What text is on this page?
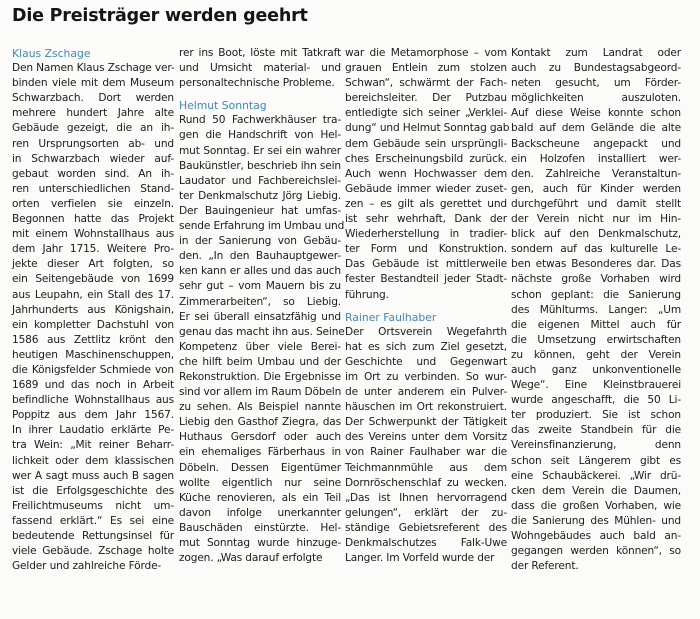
Die Preisträger werden geehrt
Klaus Zschage
Den Namen Klaus Zschage ver-
binden viele mit dem Museum
Schwarzbach. Dort werden
mehrere hundert Jahre alte
Gebäude gezeigt, die an ih-
ren Ursprungsorten ab- und
in Schwarzbach wieder auf-
gebaut worden sind. An ih-
ren unterschiedlichen Stand-
orten verfielen sie einzeln.
Begonnen hatte das Projekt
mit einem Wohnstallhaus aus
dem Jahr 1715. Weitere Pro-
jekte dieser Art folgten, so
ein Seitengebäude von 1699
aus Leupahn, ein Stall des 17.
Jahrhunderts aus Königshain,
ein kompletter Dachstuhl von
1586 aus Zettlitz krönt den
heutigen Maschinenschuppen,
die Königsfelder Schmiede von
1689 und das noch in Arbeit
befindliche Wohnstallhaus aus
Poppitz aus dem Jahr 1567.
In ihrer Laudatio erklärte Pe-
tra Wein: „Mit reiner Beharr-
lichkeit oder dem klassischen
wer A sagt muss auch B sagen
ist die Erfolgsgeschichte des
Freilichtmuseums nicht um-
fassend erklärt.“ Es sei eine
bedeutende Rettungsinsel für
viele Gebäude. Zschage holte
Gelder und zahlreiche Förde-
rer ins Boot, löste mit Tatkraft
und Umsicht material- und
personaltechnische Probleme.
Helmut Sonntag
Rund 50 Fachwerkhäuser tra-
gen die Handschrift von Hel-
mut Sonntag. Er sei ein wahrer
Baukünstler, beschrieb ihn sein
Laudator und Fachbereichslei-
ter Denkmalschutz Jörg Liebig.
Der Bauingenieur hat umfas-
sende Erfahrung im Umbau und
in der Sanierung von Gebäu-
den. „In den Bauhauptgewer-
ken kann er alles und das auch
sehr gut – vom Mauern bis zu
Zimmerarbeiten“, so Liebig.
Er sei überall einsatzfähig und
genau das macht ihn aus. Seine
Kompetenz über viele Berei-
che hilft beim Umbau und der
Rekonstruktion. Die Ergebnisse
sind vor allem im Raum Döbeln
zu sehen. Als Beispiel nannte
Liebig den Gasthof Ziegra, das
Huthaus Gersdorf oder auch
ein ehemaliges Färberhaus in
Döbeln. Dessen Eigentümer
wollte eigentlich nur seine
Küche renovieren, als ein Teil
davon infolge unerkannter
Bauschäden einstürzte. Hel-
mut Sonntag wurde hinzuge-
zogen. „Was darauf erfolgte
war die Metamorphose – vom
grauen Entlein zum stolzen
Schwan“, schwärmt der Fach-
bereichsleiter. Der Putzbau
entledigte sich seiner „Verklei-
dung“ und Helmut Sonntag gab
dem Gebäude sein ursprüngli-
ches Erscheinungsbild zurück.
Auch wenn Hochwasser dem
Gebäude immer wieder zuset-
zen – es gilt als gerettet und
ist sehr wehrhaft, Dank der
Wiederherstellung in tradier-
ter Form und Konstruktion.
Das Gebäude ist mittlerweile
fester Bestandteil jeder Stadt-
führung.
Rainer Faulhaber
Der Ortsverein Wegefahrth
hat es sich zum Ziel gesetzt,
Geschichte und Gegenwart
im Ort zu verbinden. So wur-
de unter anderem ein Pulver-
häuschen im Ort rekonstruiert.
Der Schwerpunkt der Tätigkeit
des Vereins unter dem Vorsitz
von Rainer Faulhaber war die
Teichmannmühle aus dem
Dornröschenschlaf zu wecken.
„Das ist Ihnen hervorragend
gelungen“, erklärt der zu-
ständige Gebietsreferent des
Denkmalschutzes Falk-Uwe
Langer. Im Vorfeld wurde der
Kontakt zum Landrat oder
auch zu Bundestagsabgeord-
neten gesucht, um Förder-
möglichkeiten auszuloten.
Auf diese Weise konnte schon
bald auf dem Gelände die alte
Backscheune angepackt und
ein Holzofen installiert wer-
den. Zahlreiche Veranstaltun-
gen, auch für Kinder werden
durchgeführt und damit stellt
der Verein nicht nur im Hin-
blick auf den Denkmalschutz,
sondern auf das kulturelle Le-
ben etwas Besonderes dar. Das
nächste große Vorhaben wird
schon geplant: die Sanierung
des Mühlturms. Langer: „Um
die eigenen Mittel auch für
die Umsetzung erwirtschaften
zu können, geht der Verein
auch ganz unkonventionelle
Wege“. Eine Kleinstbrauerei
wurde angeschafft, die 50 Li-
ter produziert. Sie ist schon
das zweite Standbein für die
Vereinsfinanzierung, denn
schon seit Längerem gibt es
eine Schaubäckerei. „Wir drü-
cken dem Verein die Daumen,
dass die großen Vorhaben, wie
die Sanierung des Mühlen- und
Wohngebäudes auch bald an-
gegangen werden können“, so
der Referent.
